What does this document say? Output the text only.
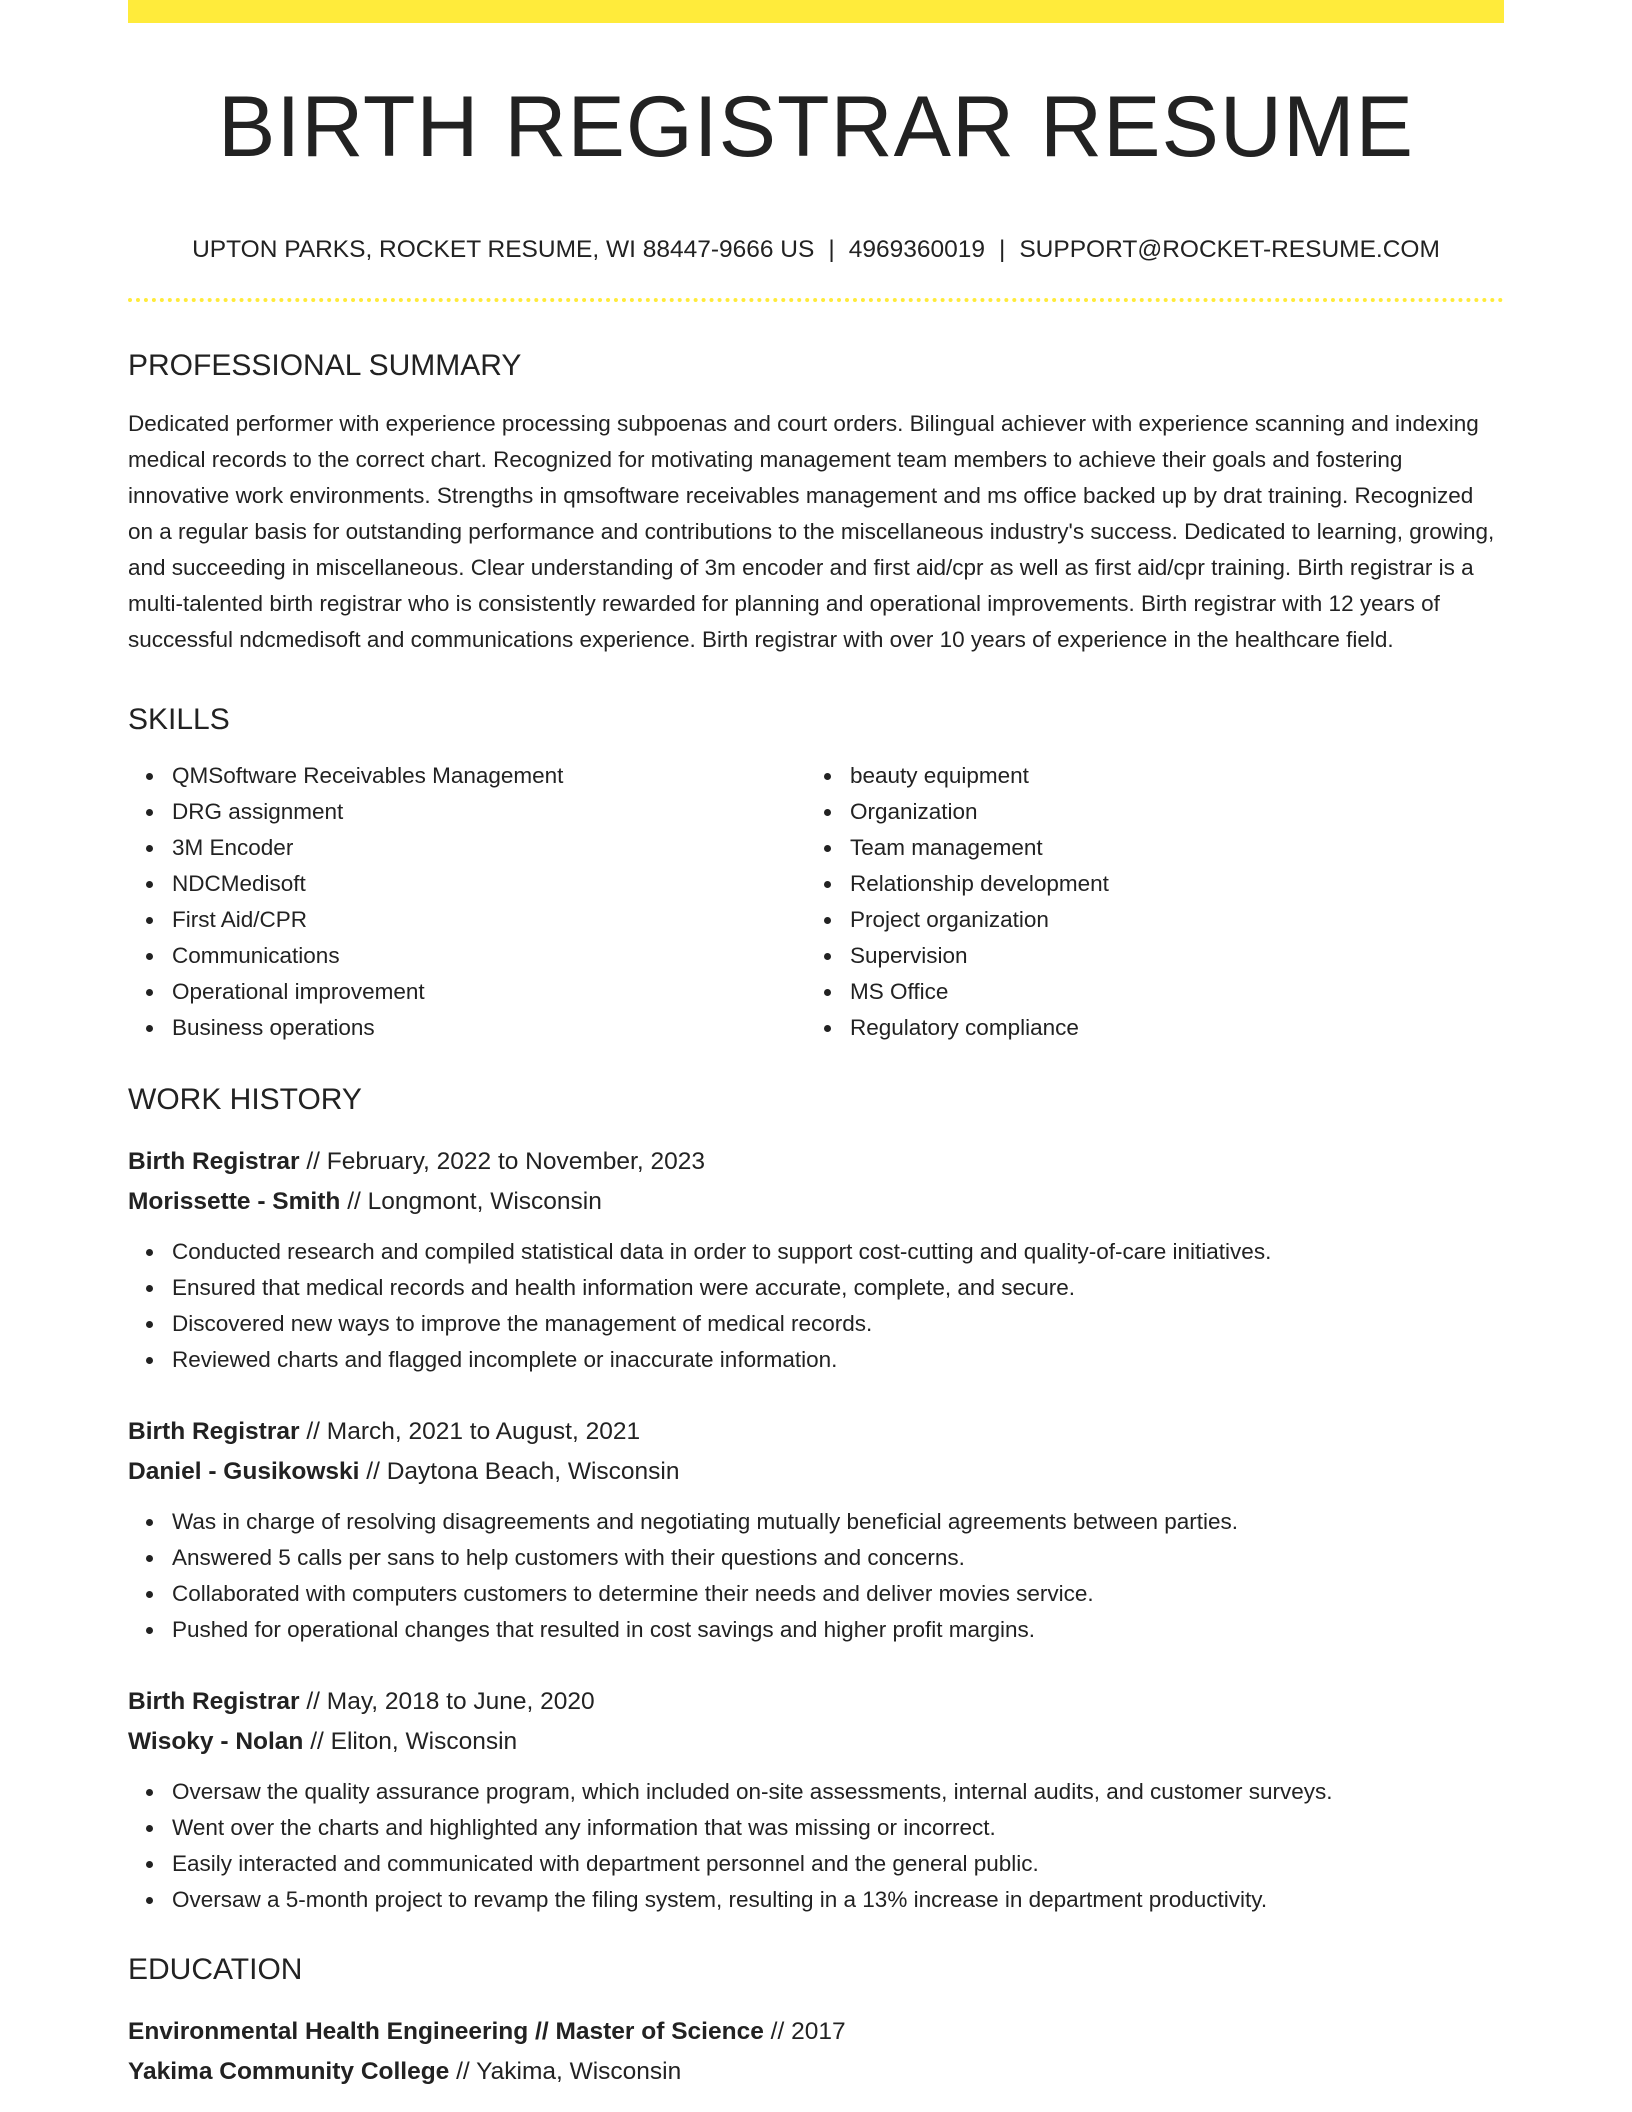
BIRTH REGISTRAR RESUME
UPTON PARKS, ROCKET RESUME, WI 88447-9666 US | 4969360019 | SUPPORT@ROCKET-RESUME.COM
PROFESSIONAL SUMMARY

Dedicated performer with experience processing subpoenas and court orders. Bilingual achiever with experience scanning and indexing medical records to the correct chart. Recognized for motivating management team members to achieve their goals and fostering innovative work environments. Strengths in qmsoftware receivables management and ms office backed up by drat training. Recognized on a regular basis for outstanding performance and contributions to the miscellaneous industry's success. Dedicated to learning, growing, and succeeding in miscellaneous. Clear understanding of 3m encoder and first aid/cpr as well as first aid/cpr training. Birth registrar is a multi-talented birth registrar who is consistently rewarded for planning and operational improvements. Birth registrar with 12 years of successful ndcmedisoft and communications experience. Birth registrar with over 10 years of experience in the healthcare field.

SKILLS
QMSoftware Receivables Management
DRG assignment
3M Encoder
NDCMedisoft
First Aid/CPR
Communications
Operational improvement
Business operations
beauty equipment
Organization
Team management
Relationship development
Project organization
Supervision
MS Office
Regulatory compliance
WORK HISTORY
Birth Registrar // February, 2022 to November, 2023
Morissette - Smith // Longmont, Wisconsin
Conducted research and compiled statistical data in order to support cost-cutting and quality-of-care initiatives.
Ensured that medical records and health information were accurate, complete, and secure.
Discovered new ways to improve the management of medical records.
Reviewed charts and flagged incomplete or inaccurate information.
Birth Registrar // March, 2021 to August, 2021
Daniel - Gusikowski // Daytona Beach, Wisconsin
Was in charge of resolving disagreements and negotiating mutually beneficial agreements between parties.
Answered 5 calls per sans to help customers with their questions and concerns.
Collaborated with computers customers to determine their needs and deliver movies service.
Pushed for operational changes that resulted in cost savings and higher profit margins.
Birth Registrar // May, 2018 to June, 2020
Wisoky - Nolan // Eliton, Wisconsin
Oversaw the quality assurance program, which included on-site assessments, internal audits, and customer surveys.
Went over the charts and highlighted any information that was missing or incorrect.
Easily interacted and communicated with department personnel and the general public.
Oversaw a 5-month project to revamp the filing system, resulting in a 13% increase in department productivity.
EDUCATION
Environmental Health Engineering // Master of Science // 2017
Yakima Community College // Yakima, Wisconsin
